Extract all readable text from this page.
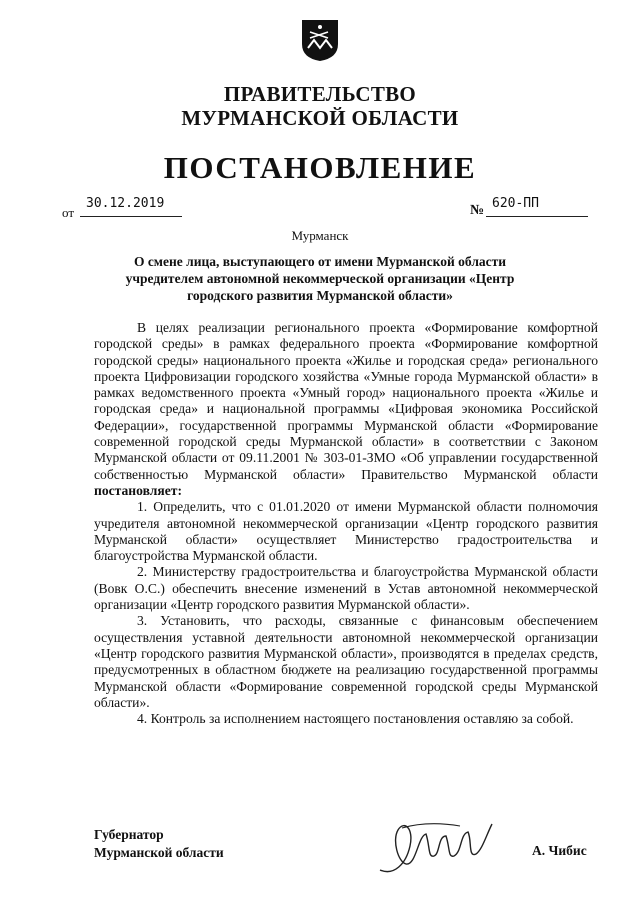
ПРАВИТЕЛЬСТВО
МУРМАНСКОЙ ОБЛАСТИ
ПОСТАНОВЛЕНИЕ
от
30.12.2019	№ 620-ПП
Мурманск
О смене лица, выступающего от имени Мурманской области
учредителем автономной некоммерческой организации «Центр
городского развития Мурманской области»

В целях реализации регионального проекта «Формирование комфортной городской среды» в рамках федерального проекта «Формирование комфортной городской среды» национального проекта «Жилье и городская среда» регионального проекта Цифровизации городского хозяйства «Умные города Мурманской области» в рамках ведомственного проекта «Умный город» национального проекта «Жилье и городская среда» и национальной программы «Цифровая экономика Российской Федерации», государственной программы Мурманской области «Формирование современной городской среды Мурманской области» в соответствии с Законом Мурманской области от 09.11.2001 № 303-01-ЗМО «Об управлении государственной собственностью Мурманской области» Правительство Мурманской области постановляет:

1. Определить, что с 01.01.2020 от имени Мурманской области полномочия учредителя автономной некоммерческой организации «Центр городского развития Мурманской области» осуществляет Министерство градостроительства и благоустройства Мурманской области.

2. Министерству градостроительства и благоустройства Мурманской области (Вовк О.С.) обеспечить внесение изменений в Устав автономной некоммерческой организации «Центр городского развития Мурманской области».

3. Установить, что расходы, связанные с финансовым обеспечением осуществления уставной деятельности автономной некоммерческой организации «Центр городского развития Мурманской области», производятся в пределах средств, предусмотренных в областном бюджете на реализацию государственной программы Мурманской области «Формирование современной городской среды Мурманской области».

4. Контроль за исполнением настоящего постановления оставляю за собой.

Губернатор
Мурманской области	А. Чибис
